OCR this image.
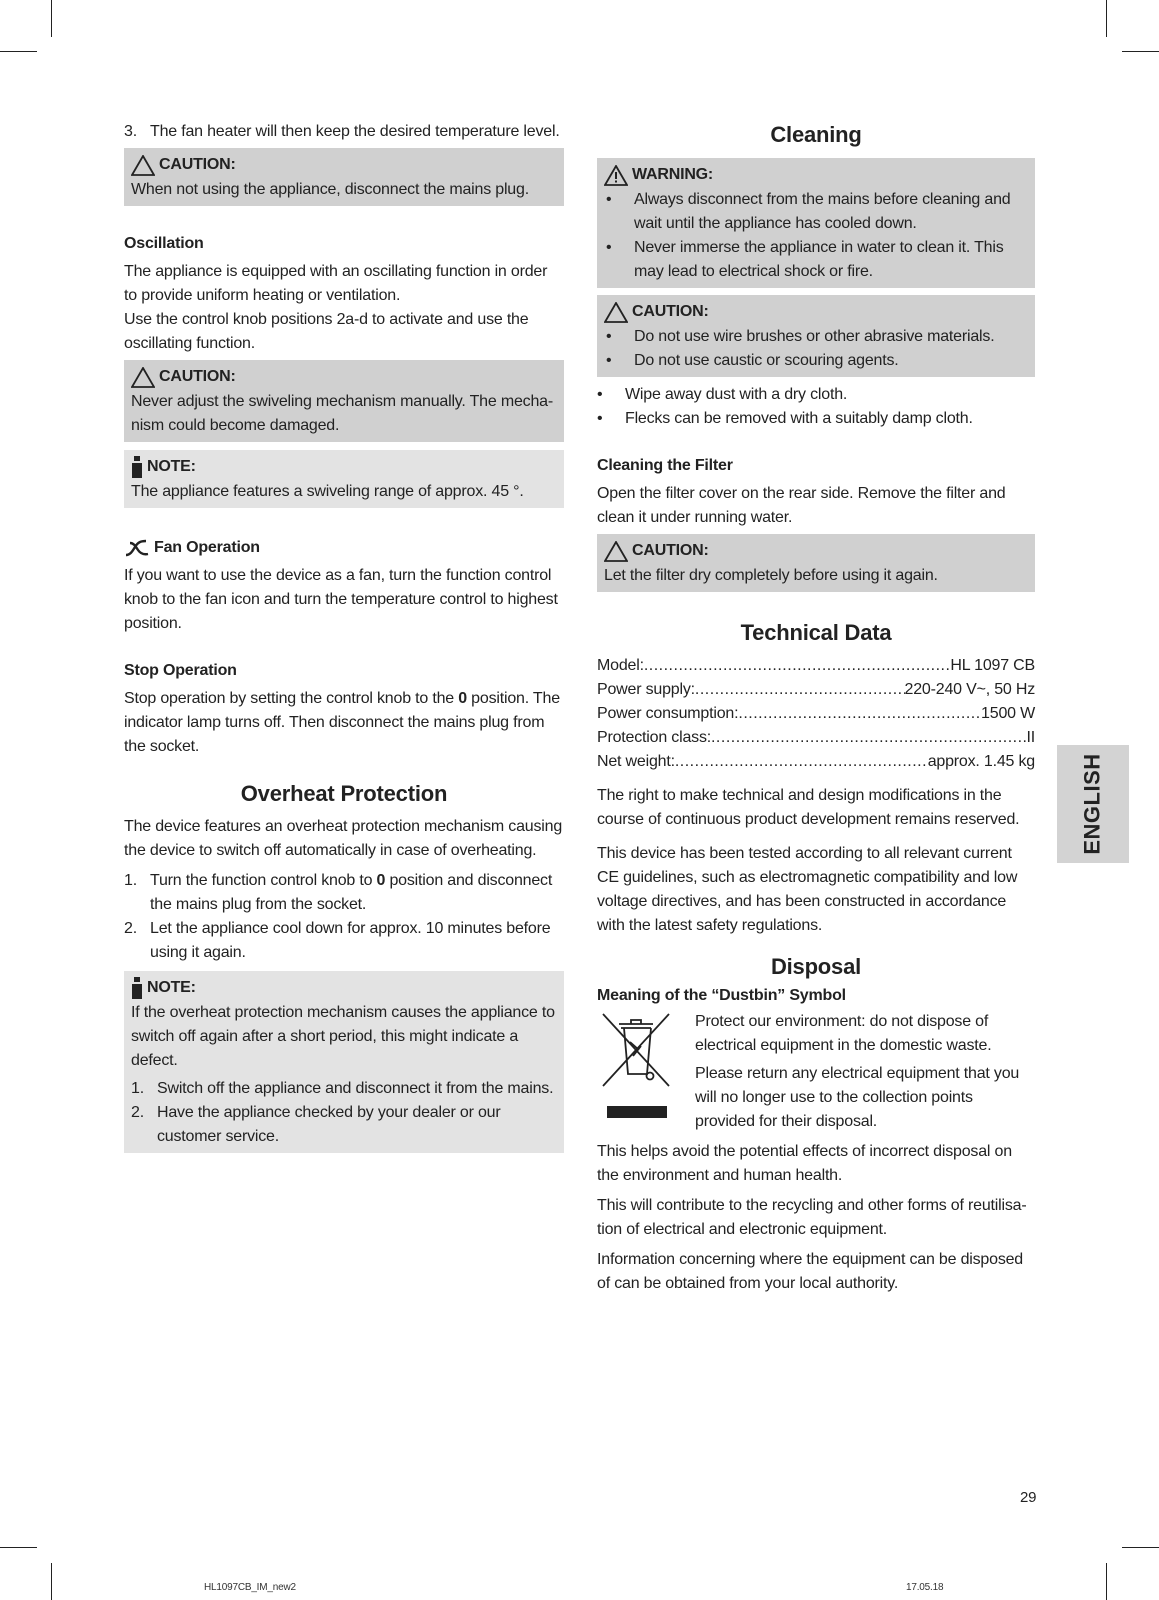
3. The fan heater will then keep the desired temperature level.
CAUTION:

When not using the appliance, disconnect the mains plug.

Oscillation

The appliance is equipped with an oscillating function in order to provide uniform heating or ventilation.

Use the control knob positions 2a-d to activate and use the oscillating function.

CAUTION:

Never adjust the swiveling mechanism manually. The mecha-nism could become damaged.

NOTE:

The appliance features a swiveling range of approx. 45 °.

Fan Operation

If you want to use the device as a fan, turn the function control knob to the fan icon and turn the temperature control to highest position.

Stop Operation

Stop operation by setting the control knob to the 0 position. The indicator lamp turns off. Then disconnect the mains plug from the socket.

Overheat Protection

The device features an overheat protection mechanism causing the device to switch off automatically in case of overheating.

1. Turn the function control knob to 0 position and disconnect the mains plug from the socket.
2. Let the appliance cool down for approx. 10 minutes before using it again.
NOTE:

If the overheat protection mechanism causes the appliance to switch off again after a short period, this might indicate a defect.

1. Switch off the appliance and disconnect it from the mains.
2. Have the appliance checked by your dealer or our customer service.

Cleaning

WARNING:
•	Always disconnect from the mains before cleaning and wait until the appliance has cooled down.
•	Never immerse the appliance in water to clean it. This may lead to electrical shock or fire.
CAUTION:
•	Do not use wire brushes or other abrasive materials.
•	Do not use caustic or scouring agents.
•	Wipe away dust with a dry cloth.
•	Flecks can be removed with a suitably damp cloth.

Cleaning the Filter

Open the filter cover on the rear side. Remove the filter and clean it under running water.

CAUTION:

Let the filter dry completely before using it again.

Technical Data

Model: .....	HL 1097 CB
Power supply: .....	220-240 V~, 50 Hz
Power consumption: .....	1500 W
Protection class: .....	II
Net weight: .....	approx. 1.45 kg

The right to make technical and design modifications in the course of continuous product development remains reserved.

This device has been tested according to all relevant current CE guidelines, such as electromagnetic compatibility and low voltage directives, and has been constructed in accordance with the latest safety regulations.

Disposal

Meaning of the “Dustbin” Symbol

Protect our environment: do not dispose of electrical equipment in the domestic waste.

Please return any electrical equipment that you will no longer use to the collection points provided for their disposal.

This helps avoid the potential effects of incorrect disposal on the environment and human health.

This will contribute to the recycling and other forms of reutilisa-tion of electrical and electronic equipment.

Information concerning where the equipment can be disposed of can be obtained from your local authority.

ENGLISH
29
HL1097CB_IM_new2	17.05.18
